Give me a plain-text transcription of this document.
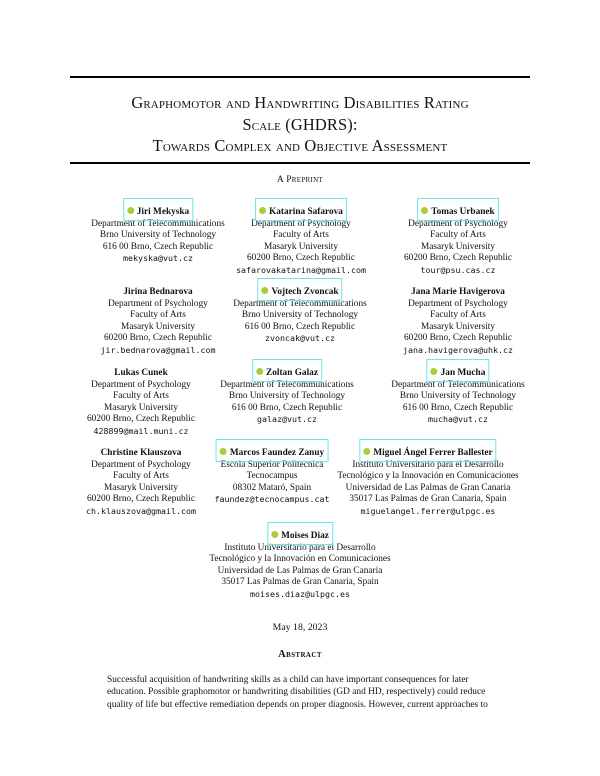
Graphomotor and Handwriting Disabilities Rating
Scale (GHDRS):
Towards Complex and Objective Assessment
A Preprint
Jiri Mekyska
Department of Telecommunications
Brno University of Technology
616 00 Brno, Czech Republic
mekyska@vut.cz
Katarina Safarova
Department of Psychology
Faculty of Arts
Masaryk University
60200 Brno, Czech Republic
safarovakatarina@gmail.com
Tomas Urbanek
Department of Psychology
Faculty of Arts
Masaryk University
60200 Brno, Czech Republic
tour@psu.cas.cz
Jirina Bednarova
Department of Psychology
Faculty of Arts
Masaryk University
60200 Brno, Czech Republic
jir.bednarova@gmail.com
Vojtech Zvoncak
Department of Telecommunications
Brno University of Technology
616 00 Brno, Czech Republic
zvoncak@vut.cz
Jana Marie Havigerova
Department of Psychology
Faculty of Arts
Masaryk University
60200 Brno, Czech Republic
jana.havigerova@uhk.cz
Lukas Cunek
Department of Psychology
Faculty of Arts
Masaryk University
60200 Brno, Czech Republic
428899@mail.muni.cz
Zoltan Galaz
Department of Telecommunications
Brno University of Technology
616 00 Brno, Czech Republic
galaz@vut.cz
Jan Mucha
Department of Telecommunications
Brno University of Technology
616 00 Brno, Czech Republic
mucha@vut.cz
Christine Klauszova
Department of Psychology
Faculty of Arts
Masaryk University
60200 Brno, Czech Republic
ch.klauszova@gmail.com
Marcos Faundez Zanuy
Escola Superior Politecnica
Tecnocampus
08302 Mataró, Spain
faundez@tecnocampus.cat
Miguel Ángel Ferrer Ballester
Instituto Universitario para el Desarrollo
Tecnológico y la Innovación en Comunicaciones
Universidad de Las Palmas de Gran Canaria
35017 Las Palmas de Gran Canaria, Spain
miguelangel.ferrer@ulpgc.es
Moises Diaz
Instituto Universitario para el Desarrollo
Tecnológico y la Innovación en Comunicaciones
Universidad de Las Palmas de Gran Canaria
35017 Las Palmas de Gran Canaria, Spain
moises.diaz@ulpgc.es
May 18, 2023
Abstract
Successful acquisition of handwriting skills as a child can have important consequences for later
education. Possible graphomotor or handwriting disabilities (GD and HD, respectively) could reduce
quality of life but effective remediation depends on proper diagnosis. However, current approaches to
